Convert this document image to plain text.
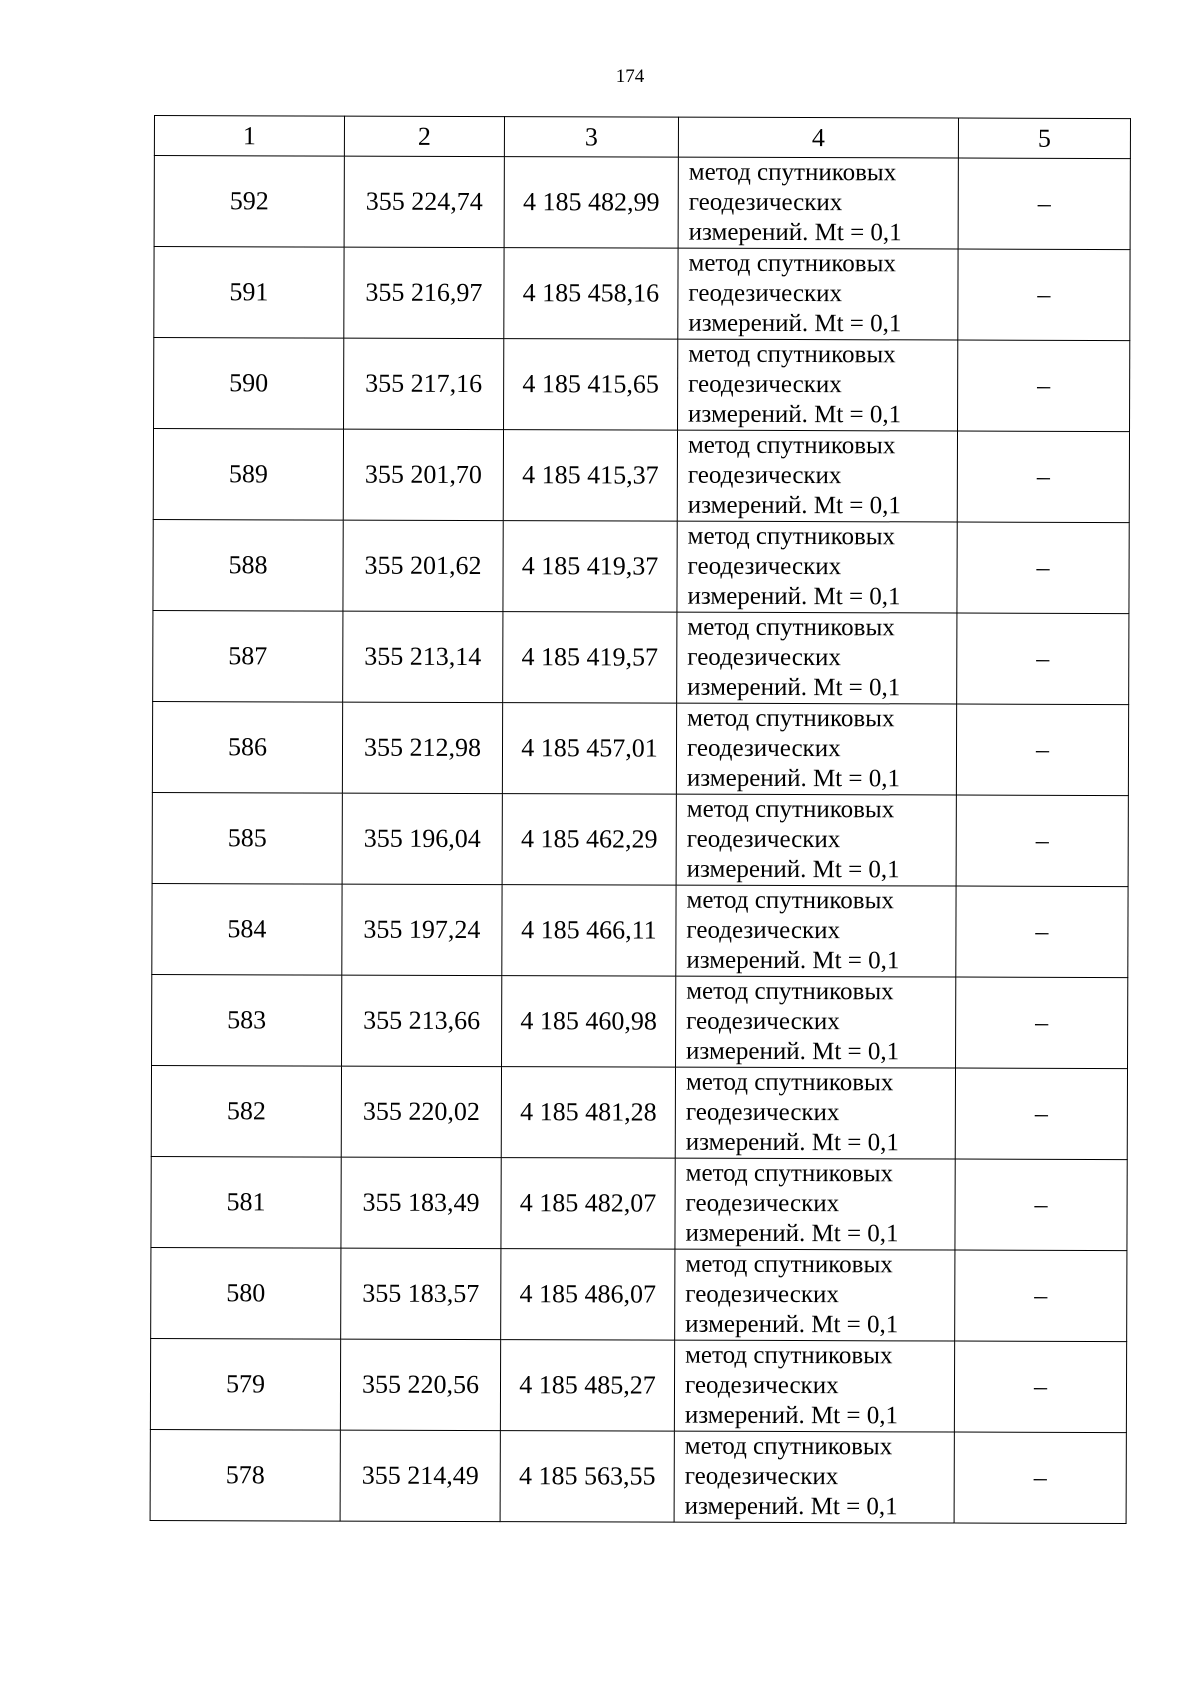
174
1	2	3	4	5
592	355 224,74	4 185 482,99	метод спутниковых
геодезических
измерений. Mt = 0,1	–
591	355 216,97	4 185 458,16	метод спутниковых
геодезических
измерений. Mt = 0,1	–
590	355 217,16	4 185 415,65	метод спутниковых
геодезических
измерений. Mt = 0,1	–
589	355 201,70	4 185 415,37	метод спутниковых
геодезических
измерений. Mt = 0,1	–
588	355 201,62	4 185 419,37	метод спутниковых
геодезических
измерений. Mt = 0,1	–
587	355 213,14	4 185 419,57	метод спутниковых
геодезических
измерений. Mt = 0,1	–
586	355 212,98	4 185 457,01	метод спутниковых
геодезических
измерений. Mt = 0,1	–
585	355 196,04	4 185 462,29	метод спутниковых
геодезических
измерений. Mt = 0,1	–
584	355 197,24	4 185 466,11	метод спутниковых
геодезических
измерений. Mt = 0,1	–
583	355 213,66	4 185 460,98	метод спутниковых
геодезических
измерений. Mt = 0,1	–
582	355 220,02	4 185 481,28	метод спутниковых
геодезических
измерений. Mt = 0,1	–
581	355 183,49	4 185 482,07	метод спутниковых
геодезических
измерений. Mt = 0,1	–
580	355 183,57	4 185 486,07	метод спутниковых
геодезических
измерений. Mt = 0,1	–
579	355 220,56	4 185 485,27	метод спутниковых
геодезических
измерений. Mt = 0,1	–
578	355 214,49	4 185 563,55	метод спутниковых
геодезических
измерений. Mt = 0,1	–
